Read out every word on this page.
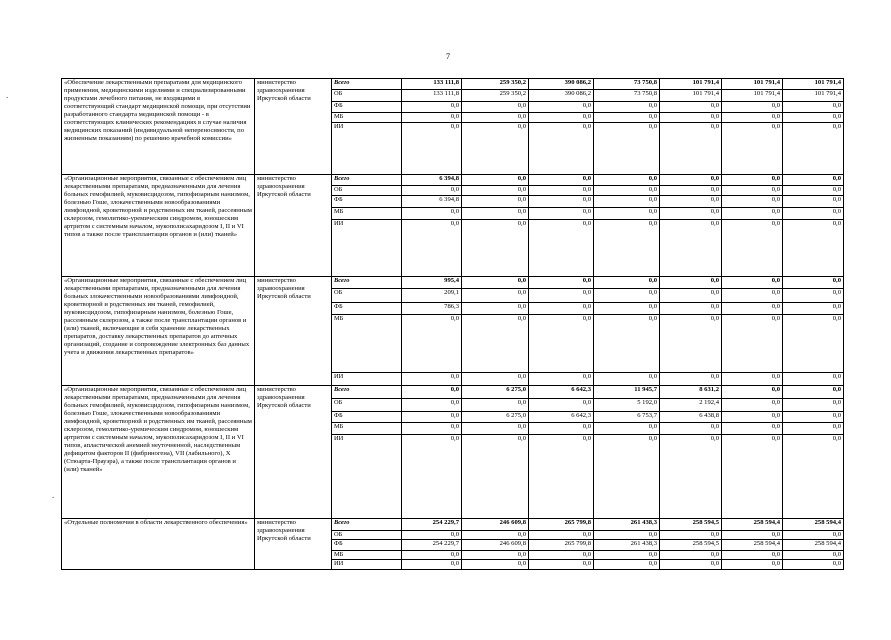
7
.
.
«Обеспечение лекарственными препаратами для медицинского применения, медицинскими изделиями и специализированными продуктами лечебного питания, не входящими в соответствующий стандарт медицинской помощи, при отсутствии разработанного стандарта медицинской помощи - в соответствующих клинических рекомендациях в случае наличия медицинских показаний (индивидуальной непереносимости, по жизненным показаниям) по решению врачебной комиссии»	министерство здравоохранения Иркутской области	Всего	133 111,8	259 350,2	390 086,2	73 750,8	101 791,4	101 791,4	101 791,4
		ОБ	133 111,8	259 350,2	390 086,2	73 750,8	101 791,4	101 791,4	101 791,4
		ФБ	0,0	0,0	0,0	0,0	0,0	0,0	0,0
		МБ	0,0	0,0	0,0	0,0	0,0	0,0	0,0
		ИИ	0,0	0,0	0,0	0,0	0,0	0,0	0,0
«Организационные мероприятия, связанные с обеспечением лиц лекарственными препаратами, предназначенными для лечения больных гемофилией, муковисцидозом, гипофизарным нанизмом, болезнью Гоше, злокачественными новообразованиями лимфоидной, кроветворной и родственных им тканей, рассеянным склерозом, гемолитико-уремическим синдромом, юношеским артритом с системным началом, мукополисахаридозом I, II и VI типов а также после трансплантации органов и (или) тканей»	министерство здравоохранения Иркутской области	Всего	6 394,8	0,0	0,0	0,0	0,0	0,0	0,0
		ОБ	0,0	0,0	0,0	0,0	0,0	0,0	0,0
		ФБ	6 394,8	0,0	0,0	0,0	0,0	0,0	0,0
		МБ	0,0	0,0	0,0	0,0	0,0	0,0	0,0
		ИИ	0,0	0,0	0,0	0,0	0,0	0,0	0,0
«Организационные мероприятия, связанные с обеспечением лиц лекарственными препаратами, предназначенными для лечения больных злокачественными новообразованиями лимфоидной, кроветворной и родственных им тканей, гемофилией, муковисцидозом, гипофизарным нанизмом, болезнью Гоше, рассеянным склерозом, а также после трансплантации органов и (или) тканей, включающие в себя хранение лекарственных препаратов, доставку лекарственных препаратов до аптечных организаций, создание и сопровождение электронных баз данных учета и движения лекарственных препаратов»	министерство здравоохранения Иркутской области	Всего	995,4	0,0	0,0	0,0	0,0	0,0	0,0
		ОБ	209,1	0,0	0,0	0,0	0,0	0,0	0,0
		ФБ	786,3	0,0	0,0	0,0	0,0	0,0	0,0
		МБ	0,0	0,0	0,0	0,0	0,0	0,0	0,0
		ИИ	0,0	0,0	0,0	0,0	0,0	0,0	0,0
«Организационные мероприятия, связанные с обеспечением лиц лекарственными препаратами, предназначенными для лечения больных гемофилией, муковисцидозом, гипофизарным нанизмом, болезнью Гоше, злокачественными новообразованиями лимфоидной, кроветворной и родственных им тканей, рассеянным склерозом, гемолитико-уремическим синдромом, юношеским артритом с системным началом, мукополисахаридозом I, II и VI типов, апластической анемией неуточненной, наследственным дефицитом факторов II (фибриногена), VII (лабильного), X (Стюарта-Прауэра), а также после трансплантации органов и (или) тканей»	министерство здравоохранения Иркутской области	Всего	0,0	6 275,0	6 642,3	11 945,7	8 631,2	0,0	0,0
		ОБ	0,0	0,0	0,0	5 192,0	2 192,4	0,0	0,0
		ФБ	0,0	6 275,0	6 642,3	6 753,7	6 438,8	0,0	0,0
		МБ	0,0	0,0	0,0	0,0	0,0	0,0	0,0
		ИИ	0,0	0,0	0,0	0,0	0,0	0,0	0,0
«Отдельные полномочия в области лекарственного обеспечения»	министерство здравоохранения Иркутской области	Всего	254 229,7	246 609,8	265 799,8	261 438,3	258 594,5	258 594,4	258 594,4
		ОБ	0,0	0,0	0,0	0,0	0,0	0,0	0,0
		ФБ	254 229,7	246 609,8	265 799,8	261 438,3	258 594,5	258 594,4	258 594,4
		МБ	0,0	0,0	0,0	0,0	0,0	0,0	0,0
		ИИ	0,0	0,0	0,0	0,0	0,0	0,0	0,0
